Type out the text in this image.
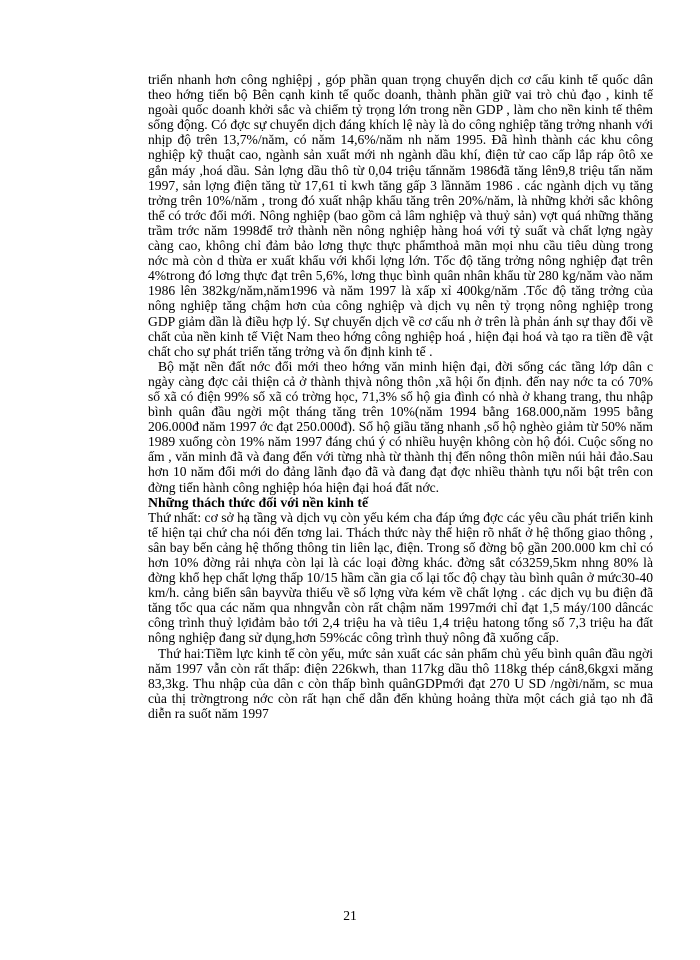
triển nhanh hơn công nghiệpj , góp phần quan trọng chuyển dịch cơ cấu kinh tế quốc dân theo hớng tiến bộ Bên cạnh kinh tế quốc doanh, thành phần giữ vai trò chủ đạo , kinh tế ngoài quốc doanh khởi sắc và chiếm tỷ trọng lớn trong nền GDP , làm cho nền kinh tế thêm sống động. Có đợc sự chuyển dịch đáng khích lệ này là do công nghiệp tăng trởng nhanh với nhịp độ trên 13,7%/năm, có năm 14,6%/năm nh năm 1995. Đã hình thành các khu công nghiệp kỹ thuật cao, ngành sản xuất mới nh ngành dầu khí, điện tử cao cấp lắp ráp ôtô xe gắn máy ,hoá dầu. Sản lợng dầu thô từ 0,04 triệu tấnnăm 1986đã tăng lên9,8 triệu tấn năm 1997, sản lợng điện tăng từ 17,61 tỉ kwh tăng gấp 3 lầnnăm 1986 . các ngành dịch vụ tăng trởng trên 10%/năm , trong đó xuất nhập khẩu tăng trên 20%/năm, là những khởi sắc không thể có trớc đổi mới. Nông nghiệp (bao gồm cả lâm nghiệp và thuỷ sản) vợt quá những thăng trầm trớc năm 1998để trở thành nền nông nghiệp hàng hoá với tỷ suất và chất lợng ngày càng cao, không chỉ đảm bảo lơng thực thực phẩmthoả mãn mọi nhu cầu tiêu dùng trong nớc mà còn d thừa er xuất khẩu với khối lợng lớn. Tốc độ tăng trởng nông nghiệp đạt trên 4%trong đó lơng thực đạt trên 5,6%, lơng thục bình quân nhân khẩu từ 280 kg/năm vào năm 1986 lên 382kg/năm,năm1996 và năm 1997 là xấp xỉ 400kg/năm .Tốc độ tăng trởng của nông nghiệp tăng chậm hơn của công nghiệp và dịch vụ nên tỷ trọng nông nghiệp trong GDP giảm dần là điều hợp lý. Sự chuyển dịch về cơ cấu nh ở trên là phản ánh sự thay đổi về chất của nền kinh tế Việt Nam theo hớng công nghiệp hoá , hiện đại hoá và tạo ra tiền đề vật chất cho sự phát triển tăng trởng và ổn định kinh tế .

Bộ mặt nền đất nớc đổi mới theo hớng văn minh hiện đại, đời sống các tầng lớp dân c ngày càng đợc cải thiện cả ở thành thịvà nông thôn ,xã hội ổn định. đến nay nớc ta có 70% số xã có điện 99% số xã có trờng học, 71,3% số hộ gia đình có nhà ở khang trang, thu nhập bình quân đầu ngời một tháng tăng trên 10%(năm 1994 bằng 168.000,năm 1995 bằng 206.000đ năm 1997 ớc đạt 250.000đ). Số hộ giầu tăng nhanh ,số hộ nghèo giảm từ 50% năm 1989 xuống còn 19% năm 1997 đáng chú ý có nhiều huyện không còn hộ đói. Cuộc sống no ấm , văn minh đã và đang đến với từng nhà từ thành thị đến nông thôn miền núi hải đảo.Sau hơn 10 năm đổi mới do đảng lãnh đạo đã và đang đạt đợc nhiều thành tựu nổi bật trên con đờng tiến hành công nghiệp hóa hiện đại hoá đất nớc.

Những thách thức đối với nền kinh tế

Thứ nhất: cơ sở hạ tầng và dịch vụ còn yếu kém cha đáp ứng đợc các yêu cầu phát triển kinh tế hiện tại chứ cha nói đến tơng lai. Thách thức này thể hiện rõ nhất ở hệ thống giao thông , sân bay bến cảng hệ thống thông tin liên lạc, điện. Trong số đờng bộ gần 200.000 km chỉ có hơn 10% đờng rải nhựa còn lại là các loại đờng khác. đờng sắt có3259,5km nhng 80% là đờng khổ hẹp chất lợng thấp 10/15 hầm cần gia cố lại tốc độ chạy tàu bình quân ở mức30-40 km/h. cảng biển sân bayvừa thiếu về số lợng vừa kém về chất lợng . các dịch vụ bu điện đã tăng tốc qua các năm qua nhngvẫn còn rất chậm năm 1997mới chỉ đạt 1,5 máy/100 dâncác công trình thuỷ lợiđảm bảo tới 2,4 triệu ha và tiêu 1,4 triệu hatong tổng số 7,3 triệu ha đất nông nghiệp đang sử dụng,hơn 59%các công trình thuỷ nông đã xuống cấp.

Thứ hai:Tiềm lực kinh tế còn yếu, mức sản xuất các sản phẩm chủ yếu bình quân đầu ngời năm 1997 vẫn còn rất thấp: điện 226kwh, than 117kg dầu thô 118kg thép cán8,6kgxi măng 83,3kg. Thu nhập của dân c còn thấp bình quânGDPmới đạt 270 U SD /ngời/năm, sc mua của thị trờngtrong nớc còn rất hạn chế dẫn đến khủng hoảng thừa một cách giả tạo nh đã diễn ra suốt năm 1997

21
